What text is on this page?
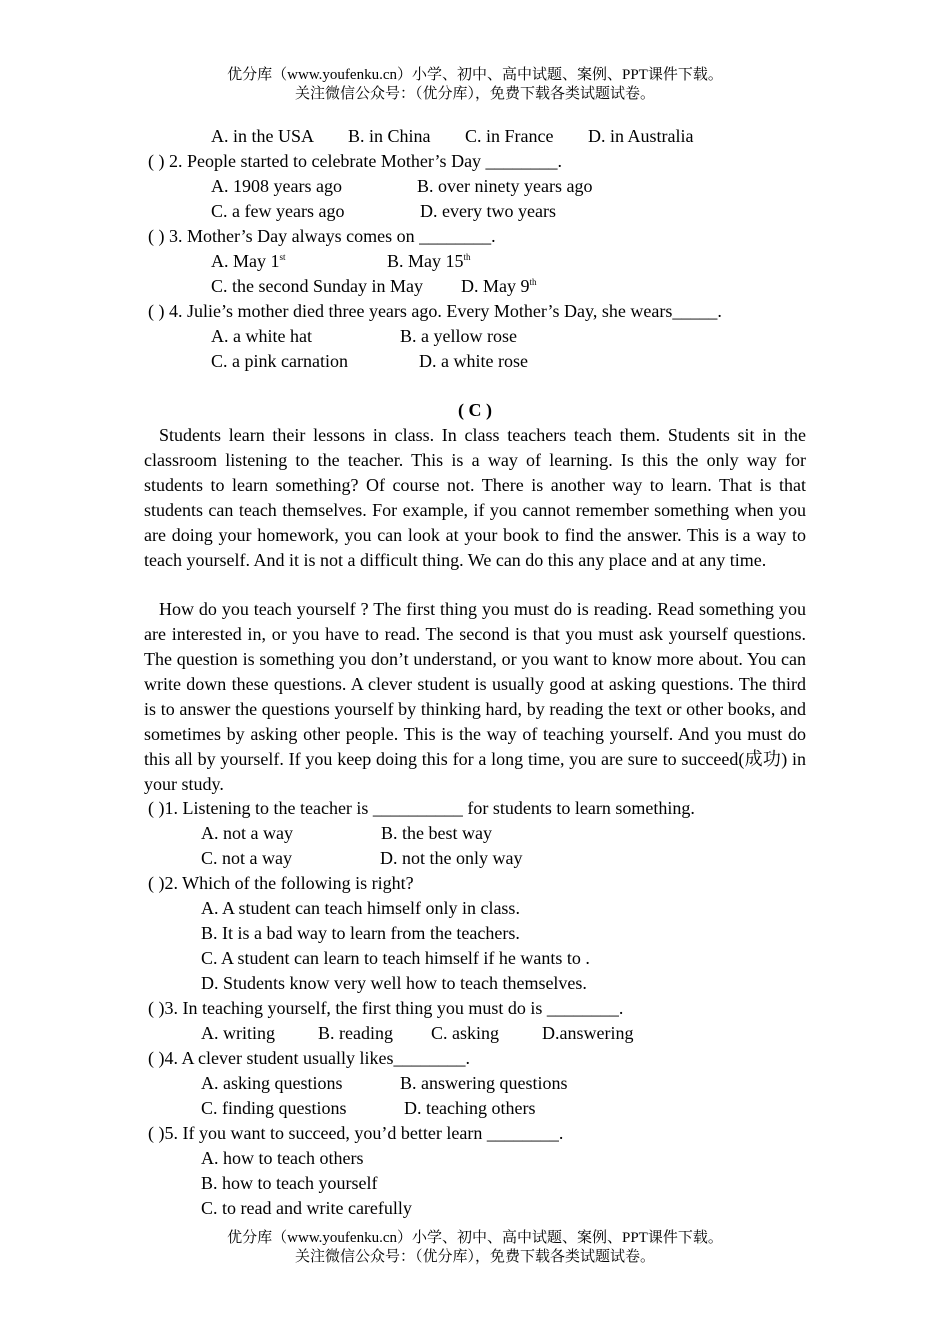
优分库（www.youfenku.cn）小学、初中、高中试题、案例、PPT课件下载。
关注微信公众号：（优分库），免费下载各类试题试卷。
A. in the USA B. in China C. in France D. in Australia
( ) 2. People started to celebrate Mother’s Day ________.
A. 1908 years ago	B. over ninety years ago
C. a few years ago	D. every two years
( ) 3. Mother’s Day always comes on ________.
A. May 1st	B. May 15th
C. the second Sunday in May D. May 9th
( ) 4. Julie’s mother died three years ago. Every Mother’s Day, she wears_____.
A. a white hat	B. a yellow rose
C. a pink carnation	D. a white rose
( C )
Students learn their lessons in class. In class teachers teach them. Students sit in the classroom listening to the teacher. This is a way of learning. Is this the only way for students to learn something? Of course not. There is another way to learn. That is that students can teach themselves. For example, if you cannot remember something when you are doing your homework, you can look at your book to find the answer. This is a way to teach yourself. And it is not a difficult thing. We can do this any place and at any time.
How do you teach yourself ? The first thing you must do is reading. Read something you are interested in, or you have to read. The second is that you must ask yourself questions. The question is something you don’t understand, or you want to know more about. You can write down these questions. A clever student is usually good at asking questions. The third is to answer the questions yourself by thinking hard, by reading the text or other books, and sometimes by asking other people. This is the way of teaching yourself. And you must do this all by yourself. If you keep doing this for a long time, you are sure to succeed(成功) in your study.
( )1. Listening to the teacher is __________ for students to learn something.
A. not a way	B. the best way
C. not a way	D. not the only way
( )2. Which of the following is right?
A. A student can teach himself only in class.
B. It is a bad way to learn from the teachers.
C. A student can learn to teach himself if he wants to .
D. Students know very well how to teach themselves.
( )3. In teaching yourself, the first thing you must do is ________.
A. writing B. reading C. asking D.answering
( )4. A clever student usually likes________.
A. asking questions	B. answering questions
C. finding questions	D. teaching others
( )5. If you want to succeed, you’d better learn ________.
A. how to teach others
B. how to teach yourself
C. to read and write carefully
优分库（www.youfenku.cn）小学、初中、高中试题、案例、PPT课件下载。
关注微信公众号：（优分库），免费下载各类试题试卷。
